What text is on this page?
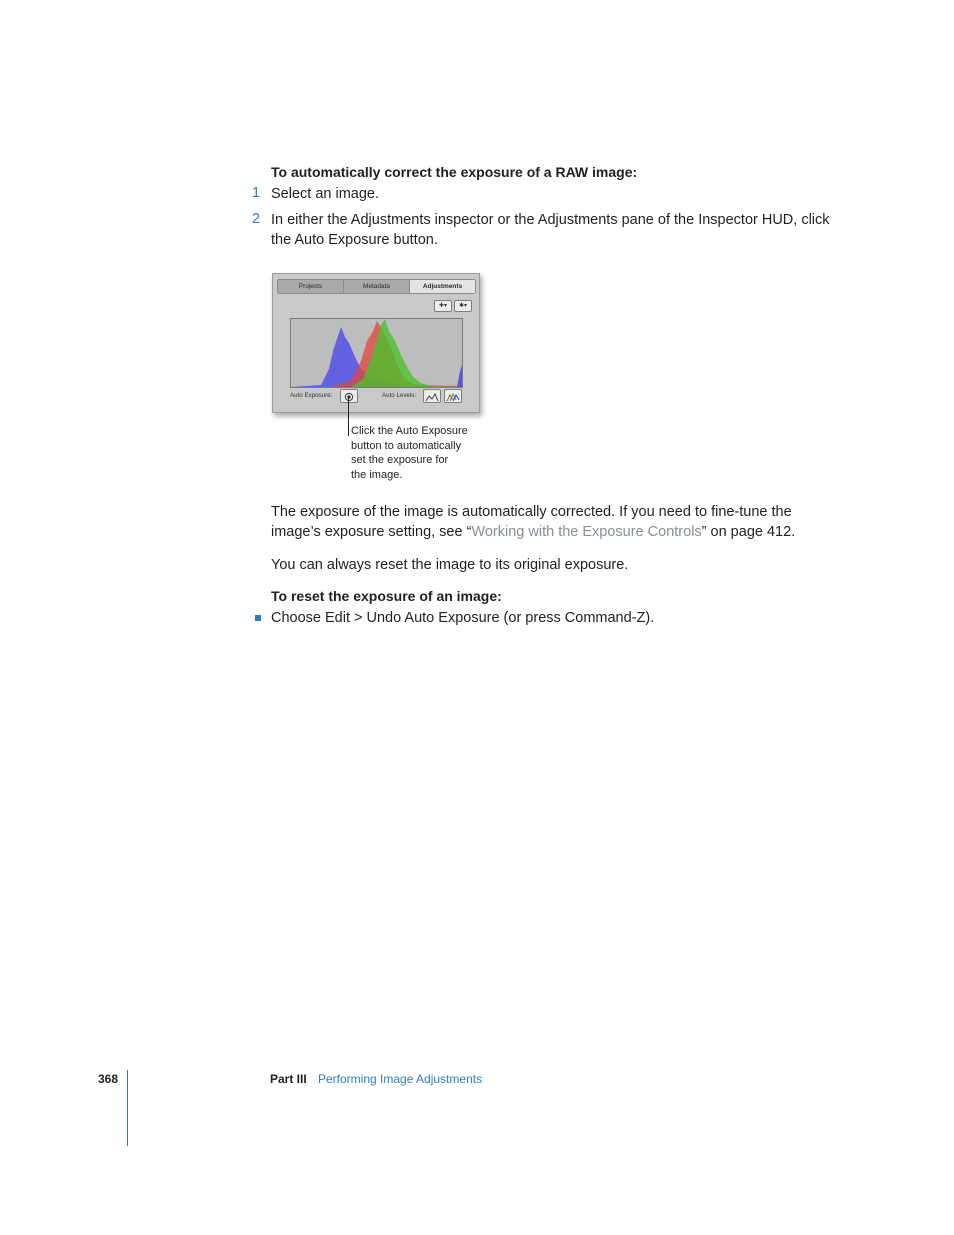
To automatically correct the exposure of a RAW image:
1 Select an image.
2 In either the Adjustments inspector or the Adjustments pane of the Inspector HUD, click
the Auto Exposure button.
Projects	Metadata	Adjustments
✚▾	✱▾
Auto Exposure:	Auto Levels:
Click the Auto Exposure
button to automatically
set the exposure for
the image.
The exposure of the image is automatically corrected. If you need to fine-tune the
image’s exposure setting, see “Working with the Exposure Controls” on page 412.
You can always reset the image to its original exposure.
To reset the exposure of an image:
Choose Edit > Undo Auto Exposure (or press Command-Z).
368	Part III Performing Image Adjustments
